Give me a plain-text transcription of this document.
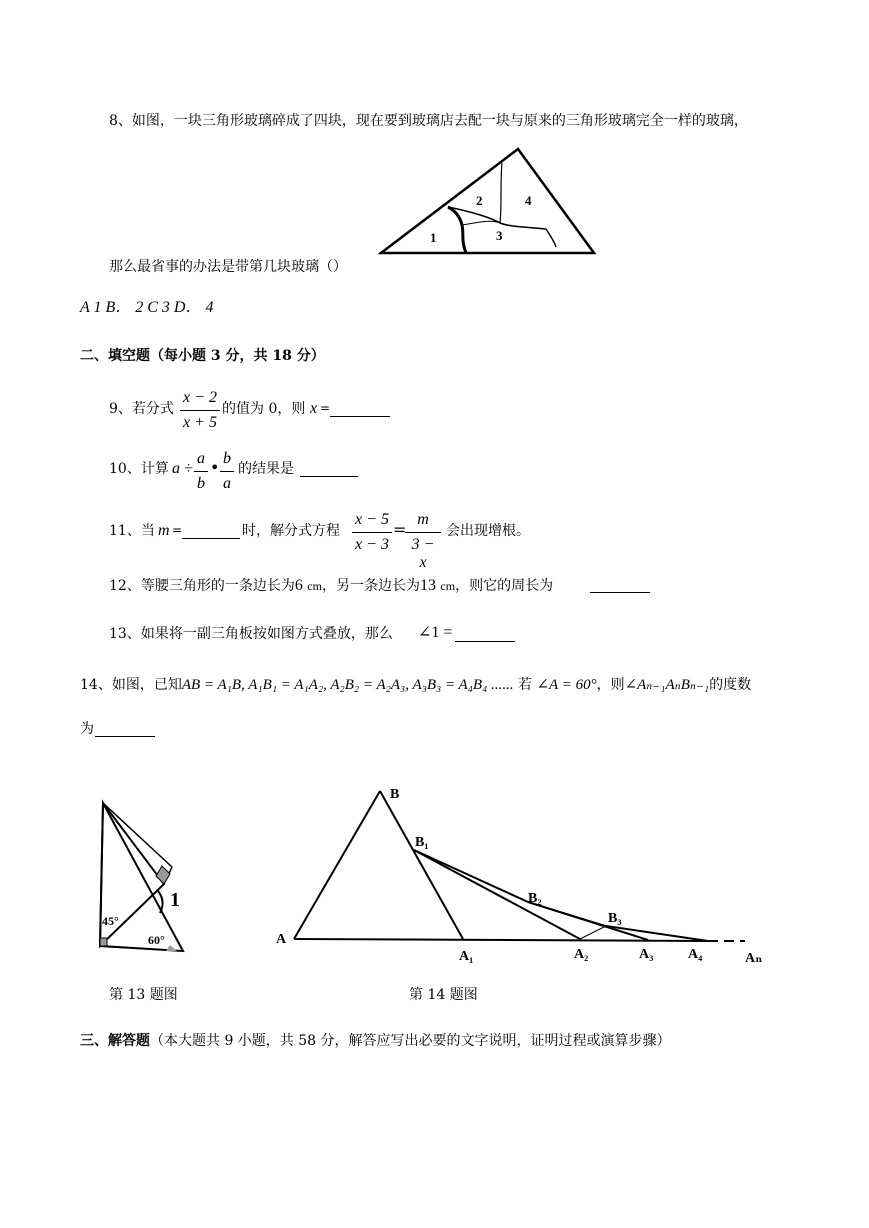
8、如图，一块三角形玻璃碎成了四块，现在要到玻璃店去配一块与原来的三角形玻璃完全一样的玻璃，
1
2
3
4
那么最省事的办法是带第几块玻璃（）
A 1 B． 2 C 3 D． 4
二、填空题（每小题 3 分，共 18 分）
9、若分式 $\frac{x - 2}{x + 5}$ 的值为 0，则 x =
10、计算 $a \div \frac{a}{b}$ • $\frac{b}{a}$ 的结果是
11、当 m =	时，解分式方程 $\frac{x - 5}{x - 3}$ =
$\frac{m}{3 - x}$ 会出现增根。
12、等腰三角形的一条边长为6 cm，另一条边长为13 cm，则它的周长为
13、如果将一副三角板按如图方式叠放，那么 ∠1 =
14、如图，已知AB = A₁B, A₁B₁ = A₁A₂, A₂B₂ = A₂A₃, A₃B₃ = A₄B₄ ...... 若 ∠A = 60°，则∠Aₙ₋₁AₙBₙ₋₁的度数
为
1
45°
60°
第 13 题图
A
B
B₁
B₂
B₃
A₁	A₂	A₃ A₄	Aₙ
第 14 题图
三、解答题（本大题共 9 小题，共 58 分，解答应写出必要的文字说明，证明过程或演算步骤）
